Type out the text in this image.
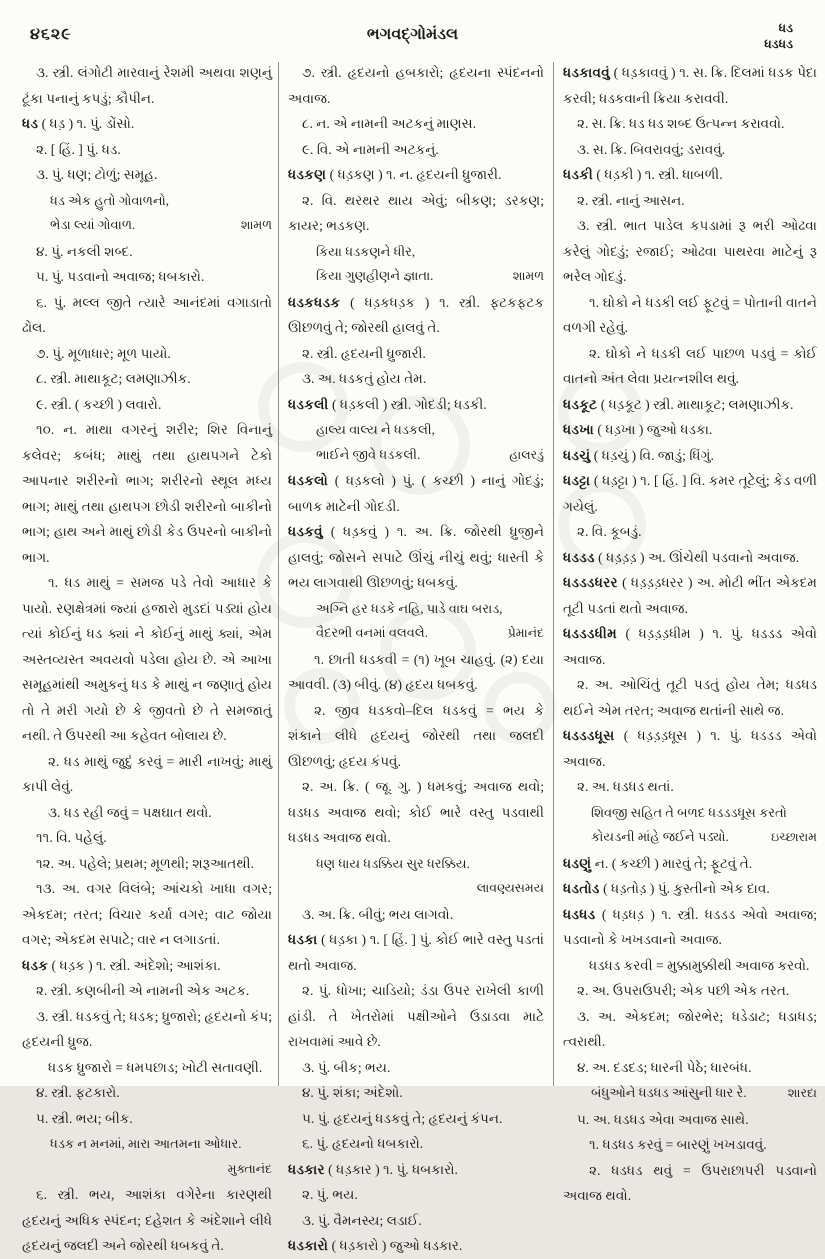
૪૬૨૯	ભગવદ્ગોમંડલ	ધડ
ધડધડ

૩. સ્ત્રી. લંગોટી મારવાનું રેશમી અથવા શણનું ટૂંકા પનાનું કપડું; કૌપીન.

ધડ ( ધડ઼ ) ૧. પું. ડોંસો.

૨. [ હિં. ] પું. ધડ.

૩. પું. ધણ; ટોળું; સમૂહ.

ધડ એક હુતો ગોવાળનો,
ભેડા લ્યાં ગોવાળ.	શામળ

૪. પું. નકલી શબ્દ.

૫. પું. પડવાનો અવાજ; ધબકારો.

૬. પું. મલ્લ જીતે ત્યારે આનંદમાં વગાડાતો ઢોલ.

૭. પું. મૂળાધાર; મૂળ પાયો.

૮. સ્ત્રી. માથાકૂટ; લમણાઝીક.

૯. સ્ત્રી. ( કચ્છી ) લવારો.

૧૦. ન. માથા વગરનું શરીર; શિર વિનાનું કલેવર; કબંધ; માથું તથા હાથપગને ટેકો આપનાર શરીરનો ભાગ; શરીરનો સ્થૂલ મધ્ય ભાગ; માથું તથા હાથપગ છોડી શરીરનો બાકીનો ભાગ; હાથ અને માથું છોડી કેડ ઉપરનો બાકીનો ભાગ.

૧. ધડ માથું = સમજ પડે તેવો આધાર કે પાયો. રણક્ષેત્રમાં જ્યાં હજારો મુડદાં પડ્યાં હોય ત્યાં કોઈનું ધડ ક્યાં ને કોઈનું માથું ક્યાં, એમ અસ્તવ્યસ્ત અવયવો પડેલા હોય છે. એ આખા સમૂહમાંથી અમુકનું ધડ કે માથું ન જણાતું હોય તો તે મરી ગયો છે કે જીવતો છે તે સમજાતું નથી. તે ઉપરથી આ કહેવત બોલાય છે.

૨. ધડ માથું જુદું કરવું = મારી નાખવું; માથું કાપી લેવું.

૩. ધડ રહી જવું = પક્ષઘાત થવો.

૧૧. વિ. પહેલું.

૧૨. અ. પહેલે; પ્રથમ; મૂળથી; શરૂઆતથી.

૧૩. અ. વગર વિલંબે; આંચકો ખાધા વગર; એકદમ; તરત; વિચાર કર્યા વગર; વાટ જોયા વગર; એકદમ સપાટે; વાર ન લગાડતાં.

ધડક ( ધડ઼ક ) ૧. સ્ત્રી. અંદેશો; આશંકા.

૨. સ્ત્રી. કણબીની એ નામની એક અટક.

૩. સ્ત્રી. ધડકવું તે; ધડક; ધ્રુજારો; હૃદયનો કંપ; હૃદયની ધ્રુજ.

ધડક ધ્રુજારો = ધમપછાડ; ખોટી સતાવણી.

૪. સ્ત્રી. ફટકારો.

૫. સ્ત્રી. ભય; બીક.

ધડક ન મનમાં, મારા આતમના ઓધાર.
મુક્તાનંદ

૬. સ્ત્રી. ભય, આશંકા વગેરેના કારણથી હૃદયનું અધિક સ્પંદન; દહેશત કે અંદેશાને લીધે હૃદયનું જલદી અને જોરથી ધબકવું તે.

૭. સ્ત્રી. હૃદયનો હબકારો; હૃદયના સ્પંદનનો અવાજ.

૮. ન. એ નામની અટકનું માણસ.

૯. વિ. એ નામની અટકનું.

ધડકણ ( ધડ઼કણ ) ૧. ન. હૃદયની ધ્રુજારી.

૨. વિ. થરથર થાય એવું; બીકણ; ડરકણ; કાયર; ભડકણ.

કિયા ધડકણને ધીર,
કિયા ગુણહીણને જ્ઞાતા.	શામળ

ધડકધડક ( ધડ઼કધડ઼ક ) ૧. સ્ત્રી. ફટકફટક ઊછળવું તે; જોરથી હાલવું તે.

૨. સ્ત્રી. હૃદયની ધ્રુજારી.

૩. અ. ધડકતું હોય તેમ.

ધડકલી ( ધડ઼કલી ) સ્ત્રી. ગોદડી; ધડકી.

હાલ્ય વાલ્ય ને ધડકલી,
ભાઈને જીવે ધડકલી.	હાલરડું

ધડકલો ( ધડ઼કલો ) પું. ( કચ્છી ) નાનું ગોદડું; બાળક માટેની ગોદડી.

ધડકવું ( ધડ઼કવું ) ૧. અ. ક્રિ. જોરથી ધ્રુજીને હાલવું; જોસને સપાટે ઊંચું નીચું થવું; ધાસ્તી કે ભય લાગવાથી ઊછળવું; ધબકવું.

અગ્નિ હર ધડકે નહિ, પાડે વાઘ બરાડ,
વૈદરભી વનમાં વલવલે.	પ્રેમાનંદ

૧. છાતી ધડકવી = (૧) ખૂબ ચાહવું. (૨) દયા આવવી. (૩) બીવું. (૪) હૃદય ધબકવું.

૨. જીવ ધડકવો–દિલ ધડકવું = ભય કે શંકાને લીધે હૃદયનું જોરથી તથા જલદી ઊછળવું; હૃદય કંપવું.

૨. અ. ક્રિ. ( જૂ. ગુ. ) ધમકવું; અવાજ થવો; ધડધડ અવાજ થવો; કોઈ ભારે વસ્તુ પડવાથી ધડધડ અવાજ થવો.

ધણ ધાય ધડક્કિય સુર ધરક્કિય.
લાવણ્યસમય

૩. અ. ક્રિ. બીવું; ભય લાગવો.

ધડકા ( ધડ઼કા ) ૧. [ હિં. ] પું. કોઈ ભારે વસ્તુ પડતાં થતો અવાજ.

૨. પું. ધોખા; ચાડિયો; ડંડા ઉપર રાખેલી કાળી હાંડી. તે ખેતરોમાં પક્ષીઓને ઉડાડવા માટે રાખવામાં આવે છે.

૩. પું. બીક; ભય.

૪. પું. શંકા; અંદેશો.

૫. પું. હૃદયનું ધડકવું તે; હૃદયનું કંપન.

૬. પું. હૃદયનો ધબકારો.

ધડકાર ( ધડ઼કાર ) ૧. પું. ધબકારો.

૨. પું. ભય.

૩. પું. વૈમનસ્ય; લડાઈ.

ધડકારો ( ધડ઼કારો ) જુઓ ધડકાર.

ધડકાવવું ( ધડ઼કાવવું ) ૧. સ. ક્રિ. દિલમાં ધડક પેદા કરવી; ધડકવાની ક્રિયા કરાવવી.

૨. સ. ક્રિ. ધડ ધડ શબ્દ ઉત્પન્ન કરાવવો.

૩. સ. ક્રિ. બિવરાવવું; ડરાવવું.

ધડકી ( ધડ઼કી ) ૧. સ્ત્રી. ધાબળી.

૨. સ્ત્રી. નાનું આસન.

૩. સ્ત્રી. ભાત પાડેલ કપડામાં રૂ ભરી ઓઢવા કરેલું ગોદડું; રજાઈ; ઓઢવા પાથરવા માટેનું રૂ ભરેલ ગોદડું.

૧. ઘોકો ને ધડકી લઈ ફૂટવું = પોતાની વાતને વળગી રહેવું.

૨. ઘોકો ને ધડકી લઈ પાછળ પડવું = કોઈ વાતનો અંત લેવા પ્રયત્નશીલ થવું.

ધડકૂટ ( ધડ઼કૂટ ) સ્ત્રી. માથાકૂટ; લમણાઝીક.

ધડખા ( ધડ઼ખા ) જુઓ ધડકા.

ધડચું ( ધડ઼ચું ) વિ. જાડું; ધિંગું.

ધડટ્ટા ( ધડ઼ટ્ટા ) ૧. [ હિં. ] વિ. કમર તૂટેલું; કેડ વળી ગયેલું.

૨. વિ. કૂબડું.

ધડડડ ( ધડ઼ડ઼ડ઼ ) અ. ઊંચેથી પડવાનો અવાજ.

ધડડડધરર ( ધડ઼ડ઼ડ઼ધરર ) અ. મોટી ભીંત એકદમ તૂટી પડતાં થતો અવાજ.

ધડડડધીમ ( ધડ઼ડ઼ડ઼ધીમ ) ૧. પું. ધડડડ એવો અવાજ.

૨. અ. ઓચિંતું તૂટી પડતું હોય તેમ; ધડધડ થઈને એમ તરત; અવાજ થતાંની સાથે જ.

ધડડડધૂસ ( ધડ઼ડ઼ડ઼ધૂસ ) ૧. પું. ધડડડ એવો અવાજ.

૨. અ. ધડધડ થતાં.

શિવજી સહિત તે બળદ ધડડડધૂસ કરતો
કોયડની માંહે જઈને પડ્યો.	ઇચ્છારામ

ધડણું ન. ( કચ્છી ) મારવું તે; ફૂટવું તે.

ધડતોડ ( ધડ઼તોડ઼ ) પું. કુસ્તીનો એક દાવ.

ધડધડ ( ધડ઼ધડ઼ ) ૧. સ્ત્રી. ધડડડ એવો અવાજ; પડવાનો કે ખખડવાનો અવાજ.

ધડધડ કરવી = મુક્કામુક્કીથી અવાજ કરવો.

૨. અ. ઉપરાઉપરી; એક પછી એક તરત.

૩. અ. એકદમ; જોરભેર; ધડેડાટ; ધડાધડ; ત્વરાથી.

૪. અ. દડદડ; ધારની પેઠે; ધારબંધ.

બંધુઓને ધડધડ આંસુની ધાર રે.	શારદા

૫. અ. ધડધડ એવા અવાજ સાથે.

૧. ધડધડ કરવું = બારણું ખખડાવવું.

૨. ધડધડ થવું = ઉપરાછાપરી પડવાનો અવાજ થવો.
